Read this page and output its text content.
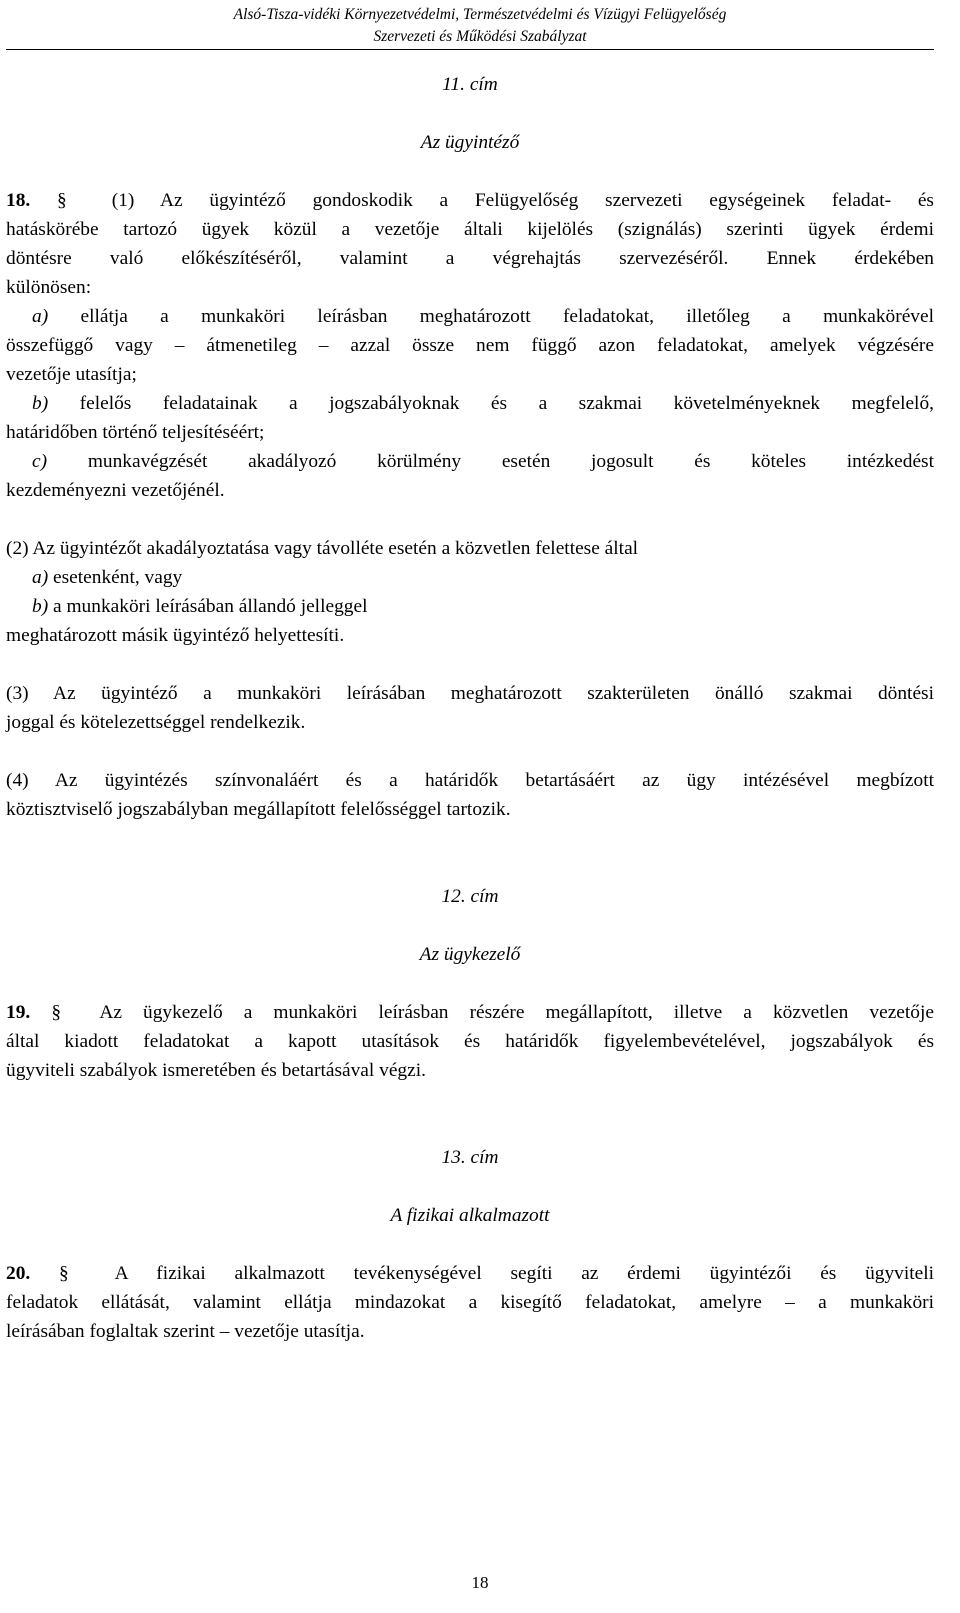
Alsó-Tisza-vidéki Környezetvédelmi, Természetvédelmi és Vízügyi Felügyelőség
Szervezeti és Működési Szabályzat
11. cím
Az ügyintéző

18. § (1) Az ügyintéző gondoskodik a Felügyelőség szervezeti egységeinek feladat- és

hatáskörébe tartozó ügyek közül a vezetője általi kijelölés (szignálás) szerinti ügyek érdemi

döntésre való előkészítéséről, valamint a végrehajtás szervezéséről. Ennek érdekében

különösen:

a) ellátja a munkaköri leírásban meghatározott feladatokat, illetőleg a munkakörével

összefüggő vagy – átmenetileg – azzal össze nem függő azon feladatokat, amelyek végzésére

vezetője utasítja;

b) felelős feladatainak a jogszabályoknak és a szakmai követelményeknek megfelelő,

határidőben történő teljesítéséért;

c) munkavégzését akadályozó körülmény esetén jogosult és köteles intézkedést

kezdeményezni vezetőjénél.

(2) Az ügyintézőt akadályoztatása vagy távolléte esetén a közvetlen felettese által

a) esetenként, vagy

b) a munkaköri leírásában állandó jelleggel

meghatározott másik ügyintéző helyettesíti.

(3) Az ügyintéző a munkaköri leírásában meghatározott szakterületen önálló szakmai döntési

joggal és kötelezettséggel rendelkezik.

(4) Az ügyintézés színvonaláért és a határidők betartásáért az ügy intézésével megbízott

köztisztviselő jogszabályban megállapított felelősséggel tartozik.

12. cím
Az ügykezelő

19. § Az ügykezelő a munkaköri leírásban részére megállapított, illetve a közvetlen vezetője

által kiadott feladatokat a kapott utasítások és határidők figyelembevételével, jogszabályok és

ügyviteli szabályok ismeretében és betartásával végzi.

13. cím
A fizikai alkalmazott

20. § A fizikai alkalmazott tevékenységével segíti az érdemi ügyintézői és ügyviteli

feladatok ellátását, valamint ellátja mindazokat a kisegítő feladatokat, amelyre – a munkaköri

leírásában foglaltak szerint – vezetője utasítja.

18
